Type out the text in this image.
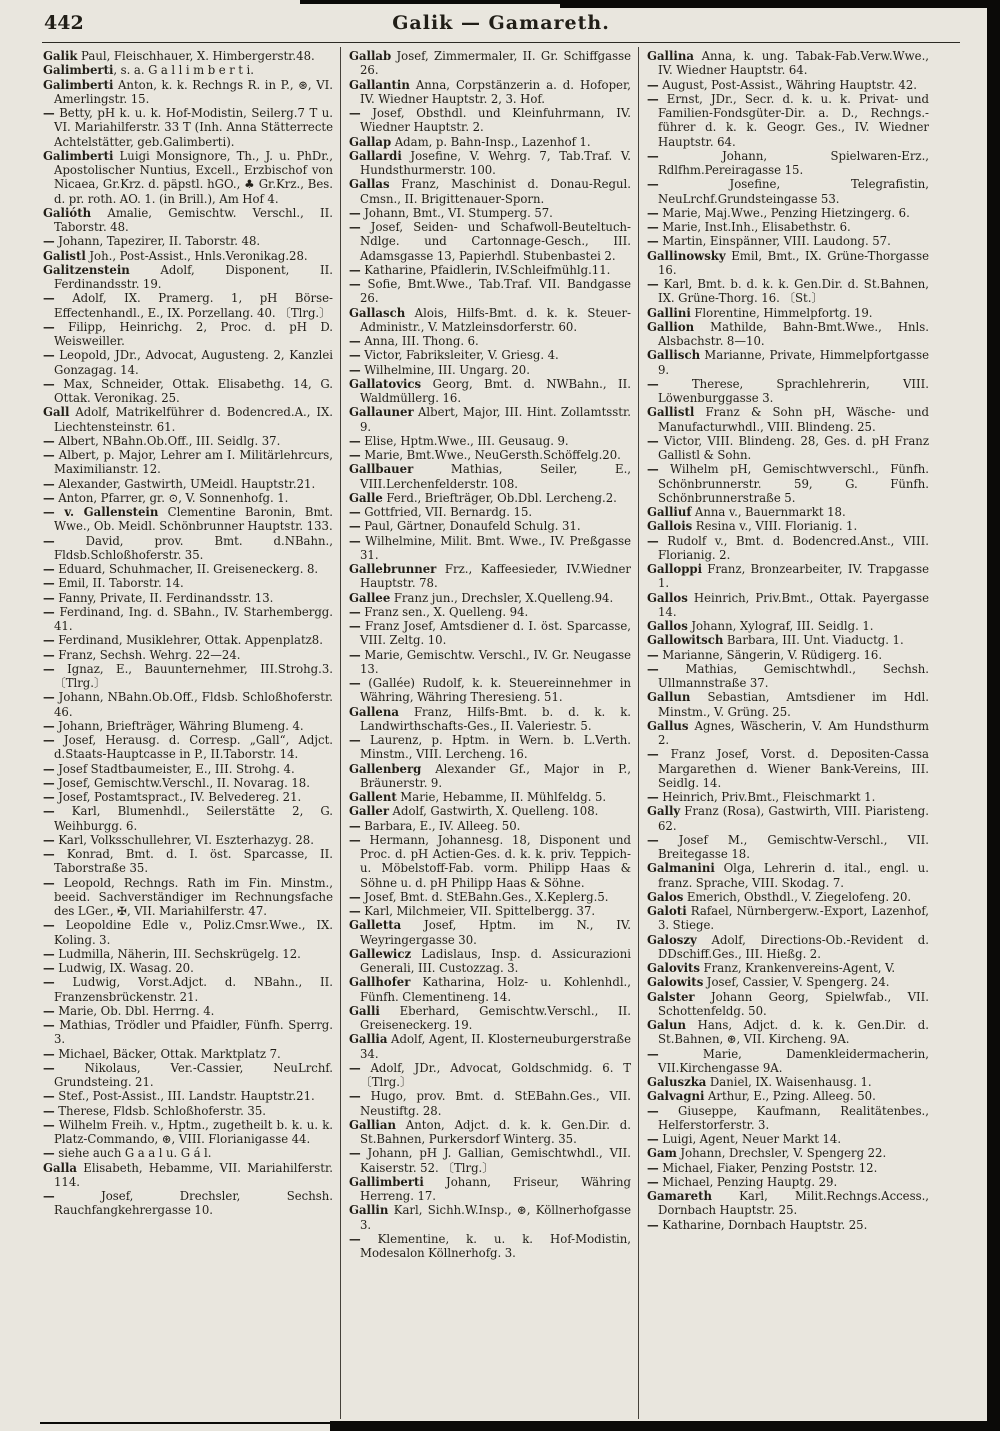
442	Galik — Gamareth.

Galik Paul, Fleischhauer, X. Himbergerstr.48.

Galimberti, s. a. G a l l i m b e r t i.

Galimberti Anton, k. k. Rechngs R. in P., ⊛, VI. Amerlingstr. 15.

— Betty, pH k. u. k. Hof-Modistin, Seilerg.7 T u. VI. Mariahilferstr. 33 T (Inh. Anna Stätterrecte Achtelstätter, geb.Galimberti).

Galimberti Luigi Monsignore, Th., J. u. PhDr., Apostolischer Nuntius, Excell., Erzbischof von Nicaea, Gr.Krz. d. päpstl. hGO., ♣ Gr.Krz., Bes. d. pr. roth. AO. 1. (in Brill.), Am Hof 4.

Galióth Amalie, Gemischtw. Verschl., II. Taborstr. 48.

— Johann, Tapezirer, II. Taborstr. 48.

Galistl Joh., Post-Assist., Hnls.Veronikag.28.

Galitzenstein Adolf, Disponent, II. Ferdinandsstr. 19.

— Adolf, IX. Pramerg. 1, pH Börse-Effectenhandl., E., IX. Porzellang. 40. 〔Tlrg.〕

— Filipp, Heinrichg. 2, Proc. d. pH D. Weisweiller.

— Leopold, JDr., Advocat, Augusteng. 2, Kanzlei Gonzagag. 14.

— Max, Schneider, Ottak. Elisabethg. 14, G. Ottak. Veronikag. 25.

Gall Adolf, Matrikelführer d. Bodencred.A., IX. Liechtensteinstr. 61.

— Albert, NBahn.Ob.Off., III. Seidlg. 37.

— Albert, p. Major, Lehrer am I. Militärlehrcurs, Maximilianstr. 12.

— Alexander, Gastwirth, UMeidl. Hauptstr.21.

— Anton, Pfarrer, gr. ⊙, V. Sonnenhofg. 1.

— v. Gallenstein Clementine Baronin, Bmt. Wwe., Ob. Meidl. Schönbrunner Hauptstr. 133.

— David, prov. Bmt. d.NBahn., Fldsb.Schloßhoferstr. 35.

— Eduard, Schuhmacher, II. Greiseneckerg. 8.

— Emil, II. Taborstr. 14.

— Fanny, Private, II. Ferdinandsstr. 13.

— Ferdinand, Ing. d. SBahn., IV. Starhembergg. 41.

— Ferdinand, Musiklehrer, Ottak. Appenplatz8.

— Franz, Sechsh. Wehrg. 22—24.

— Ignaz, E., Bauunternehmer, III.Strohg.3. 〔Tlrg.〕

— Johann, NBahn.Ob.Off., Fldsb. Schloßhoferstr. 46.

— Johann, Briefträger, Währing Blumeng. 4.

— Josef, Herausg. d. Corresp. „Gall“, Adjct. d.Staats-Hauptcasse in P., II.Taborstr. 14.

— Josef Stadtbaumeister, E., III. Strohg. 4.

— Josef, Gemischtw.Verschl., II. Novarag. 18.

— Josef, Postamtspract., IV. Belvedereg. 21.

— Karl, Blumenhdl., Seilerstätte 2, G. Weihburgg. 6.

— Karl, Volksschullehrer, VI. Eszterhazyg. 28.

— Konrad, Bmt. d. I. öst. Sparcasse, II. Taborstraße 35.

— Leopold, Rechngs. Rath im Fin. Minstm., beeid. Sachverständiger im Rechnungsfache des LGer., ✠, VII. Mariahilferstr. 47.

— Leopoldine Edle v., Poliz.Cmsr.Wwe., IX. Koling. 3.

— Ludmilla, Näherin, III. Sechskrügelg. 12.

— Ludwig, IX. Wasag. 20.

— Ludwig, Vorst.Adjct. d. NBahn., II. Franzensbrückenstr. 21.

— Marie, Ob. Dbl. Herrng. 4.

— Mathias, Trödler und Pfaidler, Fünfh. Sperrg. 3.

— Michael, Bäcker, Ottak. Marktplatz 7.

— Nikolaus, Ver.-Cassier, NeuLrchf. Grundsteing. 21.

— Stef., Post-Assist., III. Landstr. Hauptstr.21.

— Therese, Fldsb. Schloßhoferstr. 35.

— Wilhelm Freih. v., Hptm., zugetheilt b. k. u. k. Platz-Commando, ⊛, VIII. Florianigasse 44.

— siehe auch G a a l u. G á l.

Galla Elisabeth, Hebamme, VII. Mariahilferstr. 114.

— Josef, Drechsler, Sechsh. Rauchfangkehrergasse 10.

Gallab Josef, Zimmermaler, II. Gr. Schiffgasse 26.

Gallantin Anna, Corpstänzerin a. d. Hofoper, IV. Wiedner Hauptstr. 2, 3. Hof.

— Josef, Obsthdl. und Kleinfuhrmann, IV. Wiedner Hauptstr. 2.

Gallap Adam, p. Bahn-Insp., Lazenhof 1.

Gallardi Josefine, V. Wehrg. 7, Tab.Traf. V. Hundsthurmerstr. 100.

Gallas Franz, Maschinist d. Donau-Regul. Cmsn., II. Brigittenauer-Sporn.

— Johann, Bmt., VI. Stumperg. 57.

— Josef, Seiden- und Schafwoll-Beuteltuch-Ndlge. und Cartonnage-Gesch., III. Adamsgasse 13, Papierhdl. Stubenbastei 2.

— Katharine, Pfaidlerin, IV.Schleifmühlg.11.

— Sofie, Bmt.Wwe., Tab.Traf. VII. Bandgasse 26.

Gallasch Alois, Hilfs-Bmt. d. k. k. Steuer-Administr., V. Matzleinsdorferstr. 60.

— Anna, III. Thong. 6.

— Victor, Fabriksleiter, V. Griesg. 4.

— Wilhelmine, III. Ungarg. 20.

Gallatovics Georg, Bmt. d. NWBahn., II. Waldmüllerg. 16.

Gallauner Albert, Major, III. Hint. Zollamtsstr. 9.

— Elise, Hptm.Wwe., III. Geusaug. 9.

— Marie, Bmt.Wwe., NeuGersth.Schöffelg.20.

Gallbauer Mathias, Seiler, E., VIII.Lerchenfelderstr. 108.

Galle Ferd., Briefträger, Ob.Dbl. Lercheng.2.

— Gottfried, VII. Bernardg. 15.

— Paul, Gärtner, Donaufeld Schulg. 31.

— Wilhelmine, Milit. Bmt. Wwe., IV. Preßgasse 31.

Gallebrunner Frz., Kaffeesieder, IV.Wiedner Hauptstr. 78.

Gallee Franz jun., Drechsler, X.Quelleng.94.

— Franz sen., X. Quelleng. 94.

— Franz Josef, Amtsdiener d. I. öst. Sparcasse, VIII. Zeltg. 10.

— Marie, Gemischtw. Verschl., IV. Gr. Neugasse 13.

— (Gallée) Rudolf, k. k. Steuereinnehmer in Währing, Währing Theresieng. 51.

Gallena Franz, Hilfs-Bmt. b. d. k. k. Landwirthschafts-Ges., II. Valeriestr. 5.

— Laurenz, p. Hptm. in Wern. b. L.Verth. Minstm., VIII. Lercheng. 16.

Gallenberg Alexander Gf., Major in P., Bräunerstr. 9.

Gallent Marie, Hebamme, II. Mühlfeldg. 5.

Galler Adolf, Gastwirth, X. Quelleng. 108.

— Barbara, E., IV. Alleeg. 50.

— Hermann, Johannesg. 18, Disponent und Proc. d. pH Actien-Ges. d. k. k. priv. Teppich- u. Möbelstoff-Fab. vorm. Philipp Haas & Söhne u. d. pH Philipp Haas & Söhne.

— Josef, Bmt. d. StEBahn.Ges., X.Keplerg.5.

— Karl, Milchmeier, VII. Spittelbergg. 37.

Galletta Josef, Hptm. im N., IV. Weyringergasse 30.

Gallewicz Ladislaus, Insp. d. Assicurazioni Generali, III. Custozzag. 3.

Gallhofer Katharina, Holz- u. Kohlenhdl., Fünfh. Clementineng. 14.

Galli Eberhard, Gemischtw.Verschl., II. Greiseneckerg. 19.

Gallia Adolf, Agent, II. Klosterneuburgerstraße 34.

— Adolf, JDr., Advocat, Goldschmidg. 6. T 〔Tlrg.〕

— Hugo, prov. Bmt. d. StEBahn.Ges., VII. Neustiftg. 28.

Gallian Anton, Adjct. d. k. k. Gen.Dir. d. St.Bahnen, Purkersdorf Winterg. 35.

— Johann, pH J. Gallian, Gemischtwhdl., VII. Kaiserstr. 52. 〔Tlrg.〕

Gallimberti Johann, Friseur, Währing Herreng. 17.

Gallin Karl, Sichh.W.Insp., ⊛, Köllnerhofgasse 3.

— Klementine, k. u. k. Hof-Modistin, Modesalon Köllnerhofg. 3.

Gallina Anna, k. ung. Tabak-Fab.Verw.Wwe., IV. Wiedner Hauptstr. 64.

— August, Post-Assist., Währing Hauptstr. 42.

— Ernst, JDr., Secr. d. k. u. k. Privat- und Familien-Fondsgüter-Dir. a. D., Rechngs.-führer d. k. k. Geogr. Ges., IV. Wiedner Hauptstr. 64.

— Johann, Spielwaren-Erz., Rdlfhm.Pereiragasse 15.

— Josefine, Telegrafistin, NeuLrchf.Grundsteingasse 53.

— Marie, Maj.Wwe., Penzing Hietzingerg. 6.

— Marie, Inst.Inh., Elisabethstr. 6.

— Martin, Einspänner, VIII. Laudong. 57.

Gallinowsky Emil, Bmt., IX. Grüne-Thorgasse 16.

— Karl, Bmt. b. d. k. k. Gen.Dir. d. St.Bahnen, IX. Grüne-Thorg. 16. 〔St.〕

Gallini Florentine, Himmelpfortg. 19.

Gallion Mathilde, Bahn-Bmt.Wwe., Hnls. Alsbachstr. 8—10.

Gallisch Marianne, Private, Himmelpfortgasse 9.

— Therese, Sprachlehrerin, VIII. Löwenburggasse 3.

Gallistl Franz & Sohn pH, Wäsche- und Manufacturwhdl., VIII. Blindeng. 25.

— Victor, VIII. Blindeng. 28, Ges. d. pH Franz Gallistl & Sohn.

— Wilhelm pH, Gemischtwverschl., Fünfh. Schönbrunnerstr. 59, G. Fünfh. Schönbrunnerstraße 5.

Galliuf Anna v., Bauernmarkt 18.

Gallois Resina v., VIII. Florianig. 1.

— Rudolf v., Bmt. d. Bodencred.Anst., VIII. Florianig. 2.

Galloppi Franz, Bronzearbeiter, IV. Trapgasse 1.

Gallos Heinrich, Priv.Bmt., Ottak. Payergasse 14.

Gallos Johann, Xylograf, III. Seidlg. 1.

Gallowitsch Barbara, III. Unt. Viaductg. 1.

— Marianne, Sängerin, V. Rüdigerg. 16.

— Mathias, Gemischtwhdl., Sechsh. Ullmannstraße 37.

Gallun Sebastian, Amtsdiener im Hdl. Minstm., V. Grüng. 25.

Gallus Agnes, Wäscherin, V. Am Hundsthurm 2.

— Franz Josef, Vorst. d. Depositen-Cassa Margarethen d. Wiener Bank-Vereins, III. Seidlg. 14.

— Heinrich, Priv.Bmt., Fleischmarkt 1.

Gally Franz (Rosa), Gastwirth, VIII. Piaristeng. 62.

— Josef M., Gemischtw-Verschl., VII. Breitegasse 18.

Galmanini Olga, Lehrerin d. ital., engl. u. franz. Sprache, VIII. Skodag. 7.

Galos Emerich, Obsthdl., V. Ziegelofeng. 20.

Galoti Rafael, Nürnbergerw.-Export, Lazenhof, 3. Stiege.

Galoszy Adolf, Directions-Ob.-Revident d. DDschiff.Ges., III. Hießg. 2.

Galovits Franz, Krankenvereins-Agent, V.

Galowits Josef, Cassier, V. Spengerg. 24.

Galster Johann Georg, Spielwfab., VII. Schottenfeldg. 50.

Galun Hans, Adjct. d. k. k. Gen.Dir. d. St.Bahnen, ⊛, VII. Kircheng. 9A.

— Marie, Damenkleidermacherin, VII.Kirchengasse 9A.

Galuszka Daniel, IX. Waisenhausg. 1.

Galvagni Arthur, E., Pzing. Alleeg. 50.

— Giuseppe, Kaufmann, Realitätenbes., Helferstorferstr. 3.

— Luigi, Agent, Neuer Markt 14.

Gam Johann, Drechsler, V. Spengerg 22.

— Michael, Fiaker, Penzing Poststr. 12.

— Michael, Penzing Hauptg. 29.

Gamareth Karl, Milit.Rechngs.Access., Dornbach Hauptstr. 25.

— Katharine, Dornbach Hauptstr. 25.
